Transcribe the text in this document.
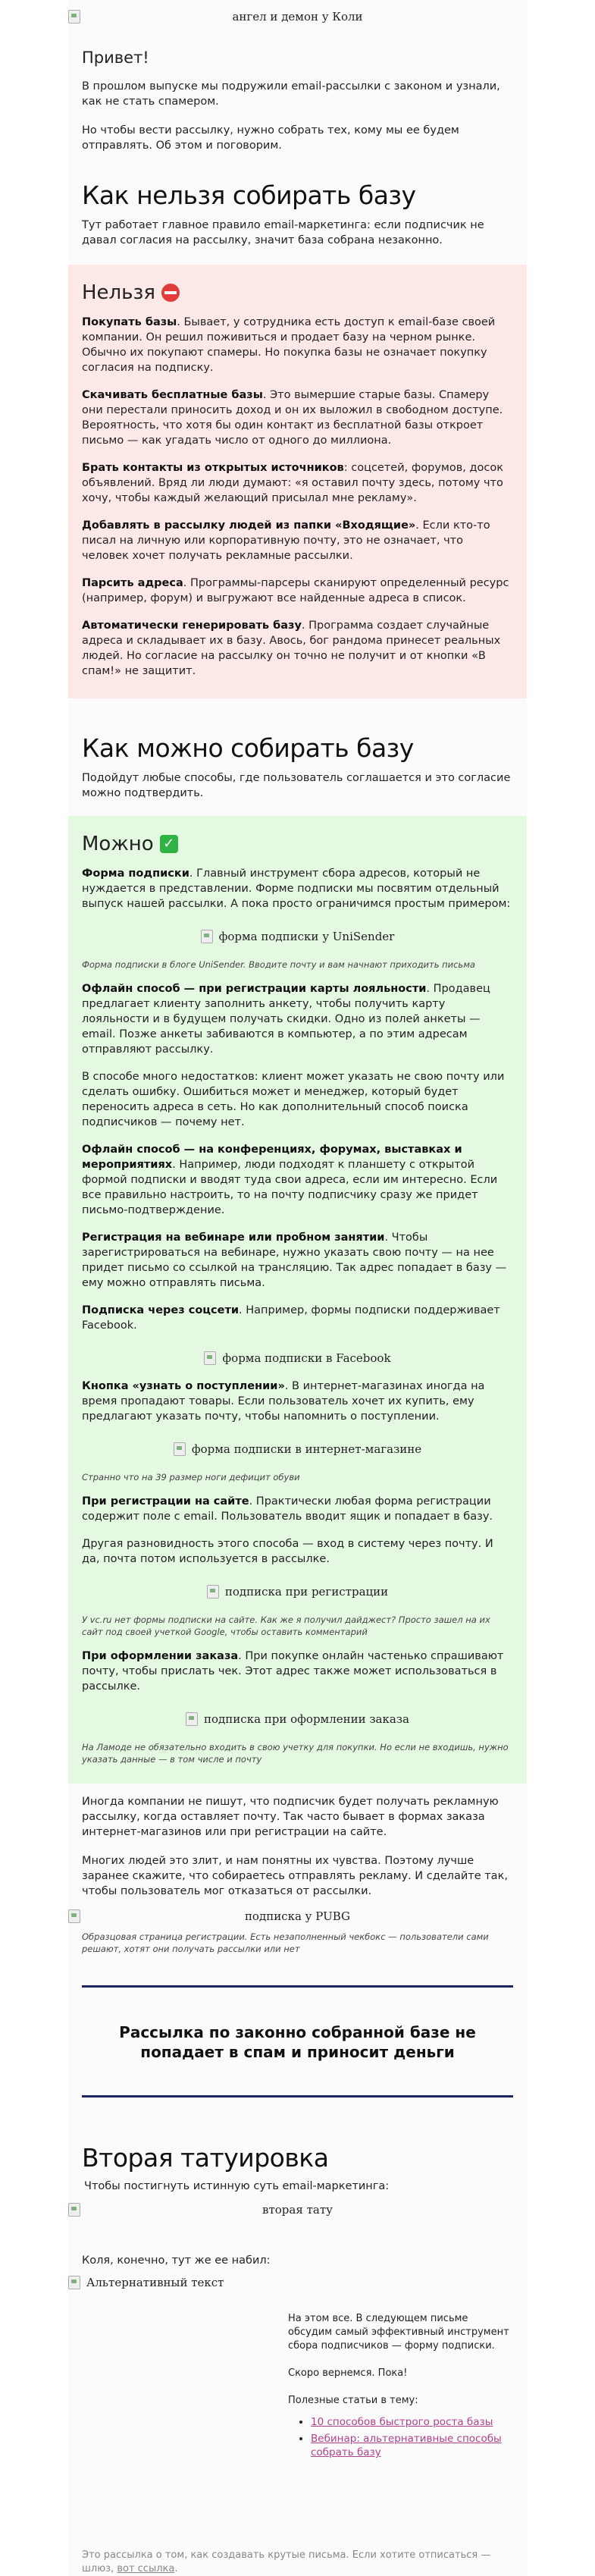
ангел и демон у Коли
Привет!

В прошлом выпуске мы подружили email-рассылки с законом и узнали, как не стать спамером.

Но чтобы вести рассылку, нужно собрать тех, кому мы ее будем отправлять. Об этом и поговорим.

Как нельзя собирать базу

Тут работает главное правило email-маркетинга: если подписчик не давал согласия на рассылку, значит база собрана незаконно.

Нельзя

Покупать базы. Бывает, у сотрудника есть доступ к email-базе своей компании. Он решил поживиться и продает базу на черном рынке. Обычно их покупают спамеры. Но покупка базы не означает покупку согласия на подписку.

Скачивать бесплатные базы. Это вымершие старые базы. Спамеру они перестали приносить доход и он их выложил в свободном доступе. Вероятность, что хотя бы один контакт из бесплатной базы откроет письмо — как угадать число от одного до миллиона.

Брать контакты из открытых источников: соцсетей, форумов, досок объявлений. Вряд ли люди думают: «я оставил почту здесь, потому что хочу, чтобы каждый желающий присылал мне рекламу».

Добавлять в рассылку людей из папки «Входящие». Если кто-то писал на личную или корпоративную почту, это не означает, что человек хочет получать рекламные рассылки.

Парсить адреса. Программы-парсеры сканируют определенный ресурс (например, форум) и выгружают все найденные адреса в список.

Автоматически генерировать базу. Программа создает случайные адреса и складывает их в базу. Авось, бог рандома принесет реальных людей. Но согласие на рассылку он точно не получит и от кнопки «В спам!» не защитит.

Как можно собирать базу

Подойдут любые способы, где пользователь соглашается и это согласие можно подтвердить.

Можно ✓

Форма подписки. Главный инструмент сбора адресов, который не нуждается в представлении. Форме подписки мы посвятим отдельный выпуск нашей рассылки. А пока просто ограничимся простым примером:

форма подписки у UniSender
Форма подписки в блоге UniSender. Вводите почту и вам начнают приходить письма

Офлайн способ — при регистрации карты лояльности. Продавец предлагает клиенту заполнить анкету, чтобы получить карту лояльности и в будущем получать скидки. Одно из полей анкеты — email. Позже анкеты забиваются в компьютер, а по этим адресам отправляют рассылку.

В способе много недостатков: клиент может указать не свою почту или сделать ошибку. Ошибиться может и менеджер, который будет переносить адреса в сеть. Но как дополнительный способ поиска подписчиков — почему нет.

Офлайн способ — на конференциях, форумах, выставках и мероприятиях. Например, люди подходят к планшету с открытой формой подписки и вводят туда свои адреса, если им интересно. Если все правильно настроить, то на почту подписчику сразу же придет письмо-подтверждение.

Регистрация на вебинаре или пробном занятии. Чтобы зарегистрироваться на вебинаре, нужно указать свою почту — на нее придет письмо со ссылкой на трансляцию. Так адрес попадает в базу — ему можно отправлять письма.

Подписка через соцсети. Например, формы подписки поддерживает Facebook.

форма подписки в Facebook

Кнопка «узнать о поступлении». В интернет-магазинах иногда на время пропадают товары. Если пользователь хочет их купить, ему предлагают указать почту, чтобы напомнить о поступлении.

форма подписки в интернет-магазине
Странно что на 39 размер ноги дефицит обуви

При регистрации на сайте. Практически любая форма регистрации содержит поле с email. Пользователь вводит ящик и попадает в базу.

Другая разновидность этого способа — вход в систему через почту. И да, почта потом используется в рассылке.

подписка при регистрации
У vc.ru нет формы подписки на сайте. Как же я получил дайджест? Просто зашел на их сайт под своей учеткой Google, чтобы оставить комментарий

При оформлении заказа. При покупке онлайн частенько спрашивают почту, чтобы прислать чек. Этот адрес также может использоваться в рассылке.

подписка при оформлении заказа
На Ламоде не обязательно входить в свою учетку для покупки. Но если не входишь, нужно указать данные — в том числе и почту

Иногда компании не пишут, что подписчик будет получать рекламную рассылку, когда оставляет почту. Так часто бывает в формах заказа интернет-магазинов или при регистрации на сайте.

Многих людей это злит, и нам понятны их чувства. Поэтому лучше заранее скажите, что собираетесь отправлять рекламу. И сделайте так, чтобы пользователь мог отказаться от рассылки.

подписка у PUBG
Образцовая страница регистрации. Есть незаполненный чекбокс — пользователи сами решают, хотят они получать рассылки или нет
Рассылка по законно собранной базе не попадает в спам и приносит деньги
Вторая татуировка

Чтобы постигнуть истинную суть email-маркетинга:

вторая тату

Коля, конечно, тут же ее набил:

Альтернативный текст

На этом все. В следующем письме обсудим самый эффективный инструмент сбора подписчиков — форму подписки.

Скоро вернемся. Пока!

Полезные статьи в тему:

• 10 способов быстрого роста базы
• Вебинар: альтернативные способы собрать базу
Это рассылка о том, как создавать крутые письма. Если хотите отписаться — шлюз, вот ссылка.
